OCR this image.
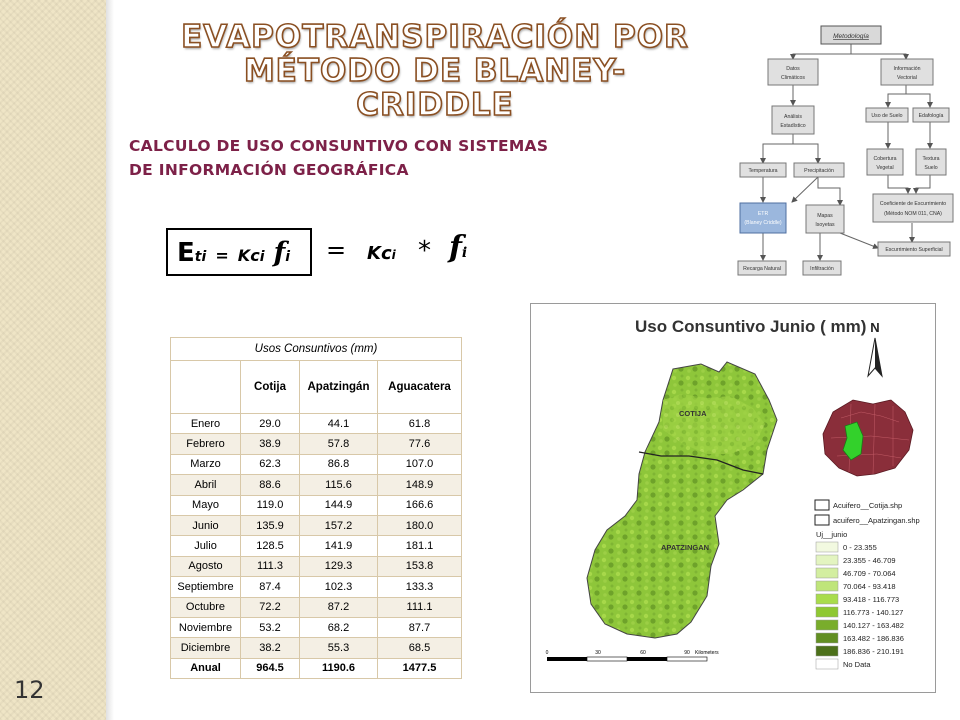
12
EVAPOTRANSPIRACIÓN POR
MÉTODO DE BLANEY-CRIDDLE
CALCULO DE USO CONSUNTIVO CON SISTEMAS
DE INFORMACIÓN GEOGRÁFICA
Eti = Kci fi = Kci * fi
Metodología
Datos
Climáticos
Información
Vectorial
Análisis
Estadístico
Uso de Suelo	Edafología
Temperatura	Precipitación
Cobertura
Vegetal
Textura
Suelo
Coeficiente de Escurrimiento
(Método NOM 011, CNA)
ETR
(Blaney Criddle)
Mapas
Isoyetas
Escurrimiento Superficial
Recarga Natural	Infiltración
Usos Consuntivos (mm)			
	Cotija	Apatzingán	Aguacatera
Enero	29.0	44.1	61.8
Febrero	38.9	57.8	77.6
Marzo	62.3	86.8	107.0
Abril	88.6	115.6	148.9
Mayo	119.0	144.9	166.6
Junio	135.9	157.2	180.0
Julio	128.5	141.9	181.1
Agosto	111.3	129.3	153.8
Septiembre	87.4	102.3	133.3
Octubre	72.2	87.2	111.1
Noviembre	53.2	68.2	87.7
Diciembre	38.2	55.3	68.5
Anual	964.5	1190.6	1477.5
Uso Consuntivo Junio ( mm)
COTIJA
APATZINGAN
N
Acuifero__Cotija.shp
acuifero__Apatzingan.shp
Uj__junio
0 - 23.355
23.355 - 46.709
46.709 - 70.064
70.064 - 93.418
93.418 - 116.773
116.773 - 140.127
140.127 - 163.482
163.482 - 186.836
186.836 - 210.191
No Data
0	30	60	90 Kilometers
